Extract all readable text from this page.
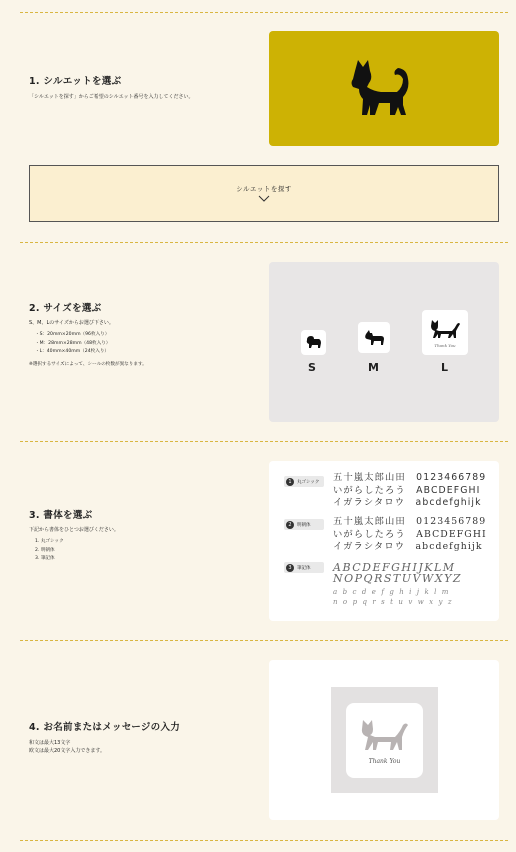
1. シルエットを選ぶ
「シルエットを探す」からご希望のシルエット番号を入力してください。
シルエットを探す
2. サイズを選ぶ
S、M、Lのサイズからお選び下さい。
・S：20mm×20mm（96枚入り）
・M：28mm×28mm（48枚入り）
・L：40mm×40mm（24枚入り）
※選択するサイズによって、シールの枚数が異なります。
Thank You
S	M	L
3. 書体を選ぶ
下記から書体をひとつお選びください。
1. 丸ゴシック
2. 明朝体
3. 筆記体
1	丸ゴシック 五十嵐太郎山田　0123466789
いがらしたろう　ABCDEFGHI
イガラシタロウ　abcdefghijk
2	明朝体 五十嵐太郎山田　0123456789
いがらしたろう　ABCDEFGHI
イガラシタロウ　abcdefghijk
3	筆記体 ABCDEFGHIJKLM
NOPQRSTUVWXYZ
a b c d e f g h i j k l m
n o p q r s t u v w x y z
4. お名前またはメッセージの入力
和文は最大13文字
欧文は最大20文字入力できます。
Thank You
